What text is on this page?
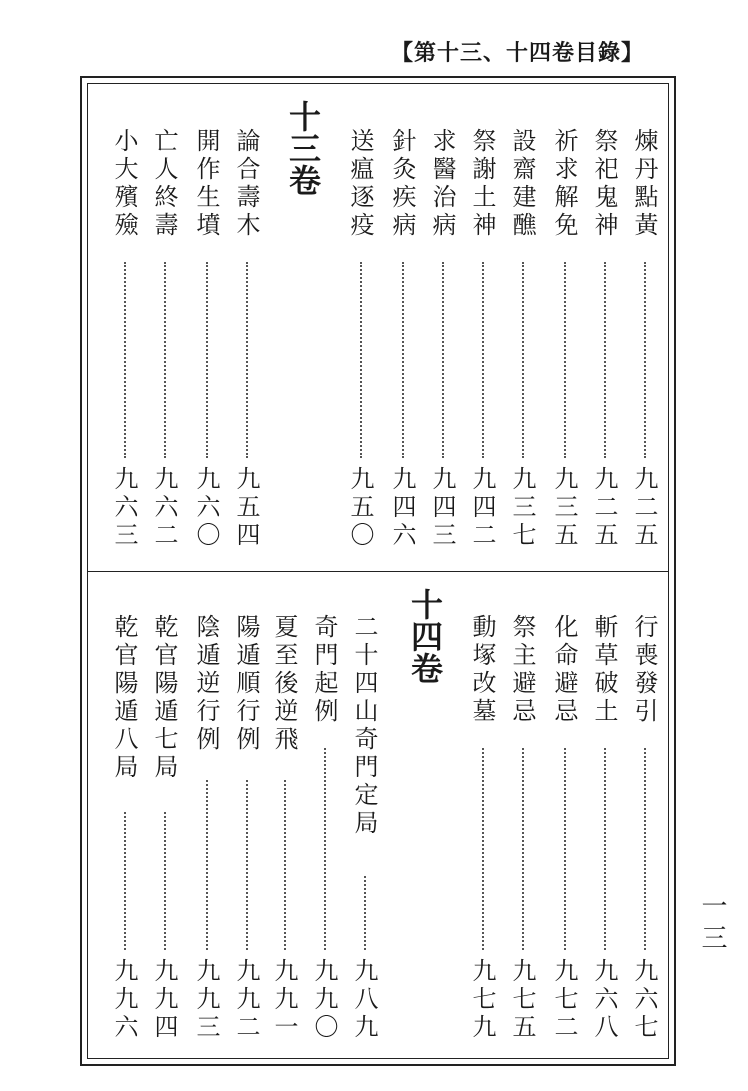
【第十三、十四卷目錄】
十三卷	煉丹點黃
九二五
祭祀鬼神
九二五
祈求解免
九三五
設齋建醮
九三七
祭謝土神
九四二
求醫治病
九四三
針灸疾病
九四六
送瘟逐疫
九五〇
論合壽木
九五四
開作生墳
九六〇
亡人終壽
九六二
小大殯殮
九六三
十四卷	行喪發引
九六七
斬草破土
九六八
化命避忌
九七二
祭主避忌
九七五
動塚改墓
九七九
二十四山奇門定局
九八九
奇門起例
九九〇
夏至後逆飛
九九一
陽遁順行例
九九二
陰遁逆行例
九九三
乾官陽遁七局
九九四
乾官陽遁八局
九九六
一三
